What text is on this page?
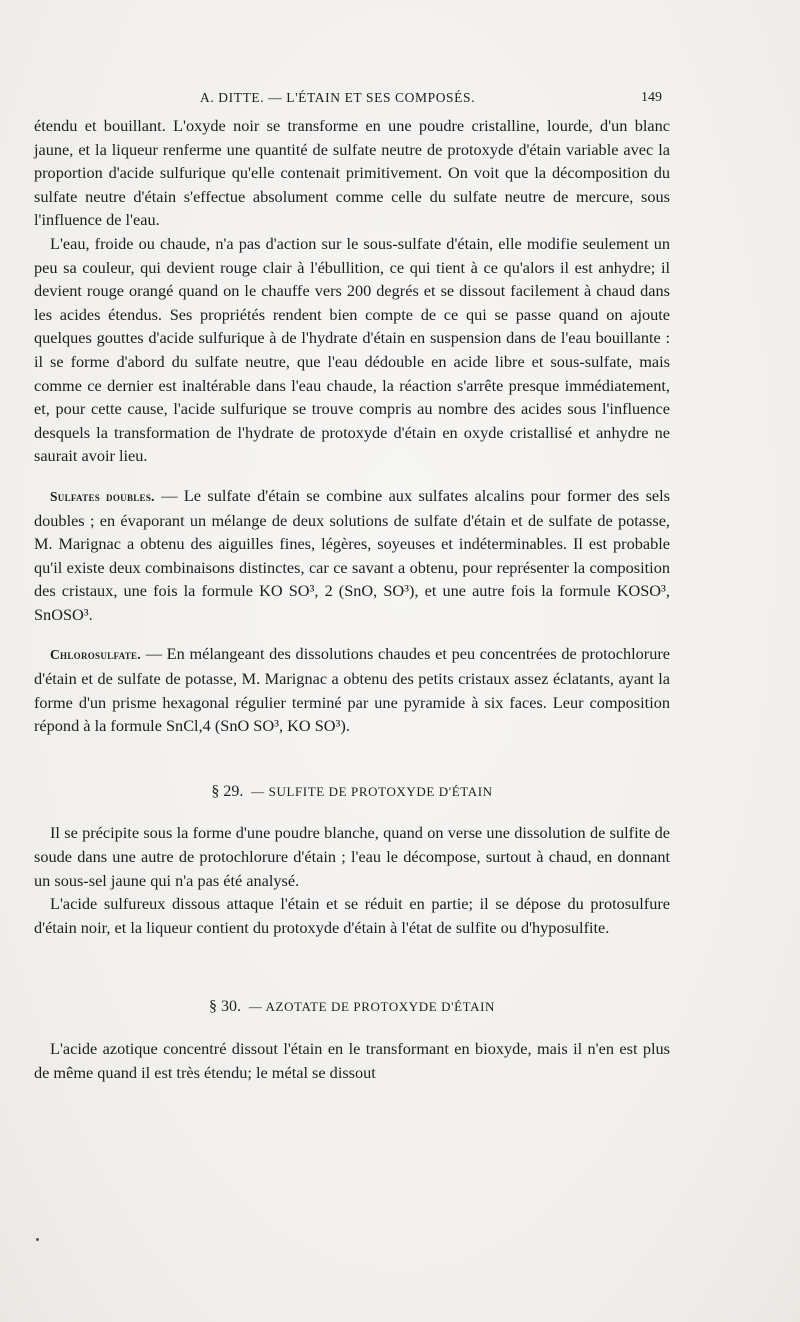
A. DITTE. — L'ÉTAIN ET SES COMPOSÉS.	149

étendu et bouillant. L'oxyde noir se transforme en une poudre cristalline, lourde, d'un blanc jaune, et la liqueur renferme une quantité de sulfate neutre de protoxyde d'étain variable avec la proportion d'acide sulfurique qu'elle contenait primitivement. On voit que la décomposition du sulfate neutre d'étain s'effectue absolument comme celle du sulfate neutre de mercure, sous l'influence de l'eau.

L'eau, froide ou chaude, n'a pas d'action sur le sous-sulfate d'étain, elle modifie seulement un peu sa couleur, qui devient rouge clair à l'ébullition, ce qui tient à ce qu'alors il est anhydre; il devient rouge orangé quand on le chauffe vers 200 degrés et se dissout facilement à chaud dans les acides étendus. Ses propriétés rendent bien compte de ce qui se passe quand on ajoute quelques gouttes d'acide sulfurique à de l'hydrate d'étain en suspension dans de l'eau bouillante : il se forme d'abord du sulfate neutre, que l'eau dédouble en acide libre et sous-sulfate, mais comme ce dernier est inaltérable dans l'eau chaude, la réaction s'arrête presque immédiatement, et, pour cette cause, l'acide sulfurique se trouve compris au nombre des acides sous l'influence desquels la transformation de l'hydrate de protoxyde d'étain en oxyde cristallisé et anhydre ne saurait avoir lieu.

Sulfates doubles. — Le sulfate d'étain se combine aux sulfates alcalins pour former des sels doubles ; en évaporant un mélange de deux solutions de sulfate d'étain et de sulfate de potasse, M. Marignac a obtenu des aiguilles fines, légères, soyeuses et indéterminables. Il est probable qu'il existe deux combinaisons distinctes, car ce savant a obtenu, pour représenter la composition des cristaux, une fois la formule KO SO³, 2 (SnO, SO³), et une autre fois la formule KOSO³, SnOSO³.

Chlorosulfate. — En mélangeant des dissolutions chaudes et peu concentrées de protochlorure d'étain et de sulfate de potasse, M. Marignac a obtenu des petits cristaux assez éclatants, ayant la forme d'un prisme hexagonal régulier terminé par une pyramide à six faces. Leur composition répond à la formule SnCl,4 (SnO SO³, KO SO³).

§ 29. — SULFITE DE PROTOXYDE D'ÉTAIN

Il se précipite sous la forme d'une poudre blanche, quand on verse une dissolution de sulfite de soude dans une autre de protochlorure d'étain ; l'eau le décompose, surtout à chaud, en donnant un sous-sel jaune qui n'a pas été analysé.

L'acide sulfureux dissous attaque l'étain et se réduit en partie; il se dépose du protosulfure d'étain noir, et la liqueur contient du protoxyde d'étain à l'état de sulfite ou d'hyposulfite.

§ 30. — AZOTATE DE PROTOXYDE D'ÉTAIN

L'acide azotique concentré dissout l'étain en le transformant en bioxyde, mais il n'en est plus de même quand il est très étendu; le métal se dissout
